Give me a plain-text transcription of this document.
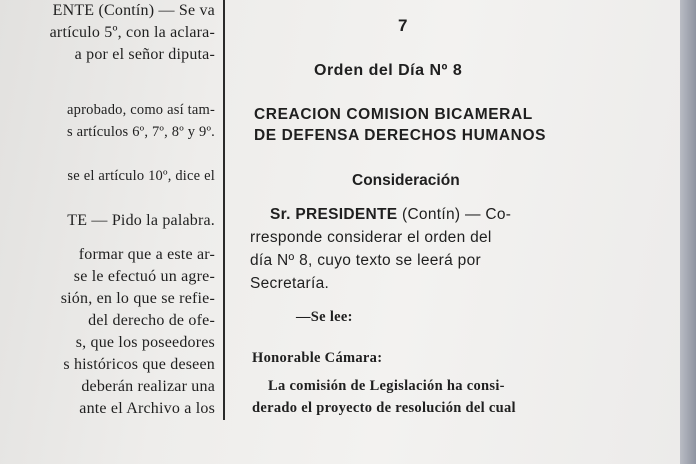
ENTE (Contín) — Se va
artículo 5º, con la aclara-
a por el señor diputa-
aprobado, como así tam-
s artículos 6º, 7º, 8º y 9º.
se el artículo 10º, dice el
TE — Pido la palabra.
formar que a este ar-
se le efectuó un agre-
sión, en lo que se refie-
del derecho de ofe-
s, que los poseedores
s históricos que deseen
deberán realizar una
ante el Archivo a los
7
Orden del Día Nº 8
CREACION COMISION BICAMERAL
DE DEFENSA DERECHOS HUMANOS
Consideración
Sr. PRESIDENTE (Contín) — Co-
rresponde considerar el orden del
día Nº 8, cuyo texto se leerá por
Secretaría.
—Se lee:
Honorable Cámara:
La comisión de Legislación ha consi-
derado el proyecto de resolución del cual
